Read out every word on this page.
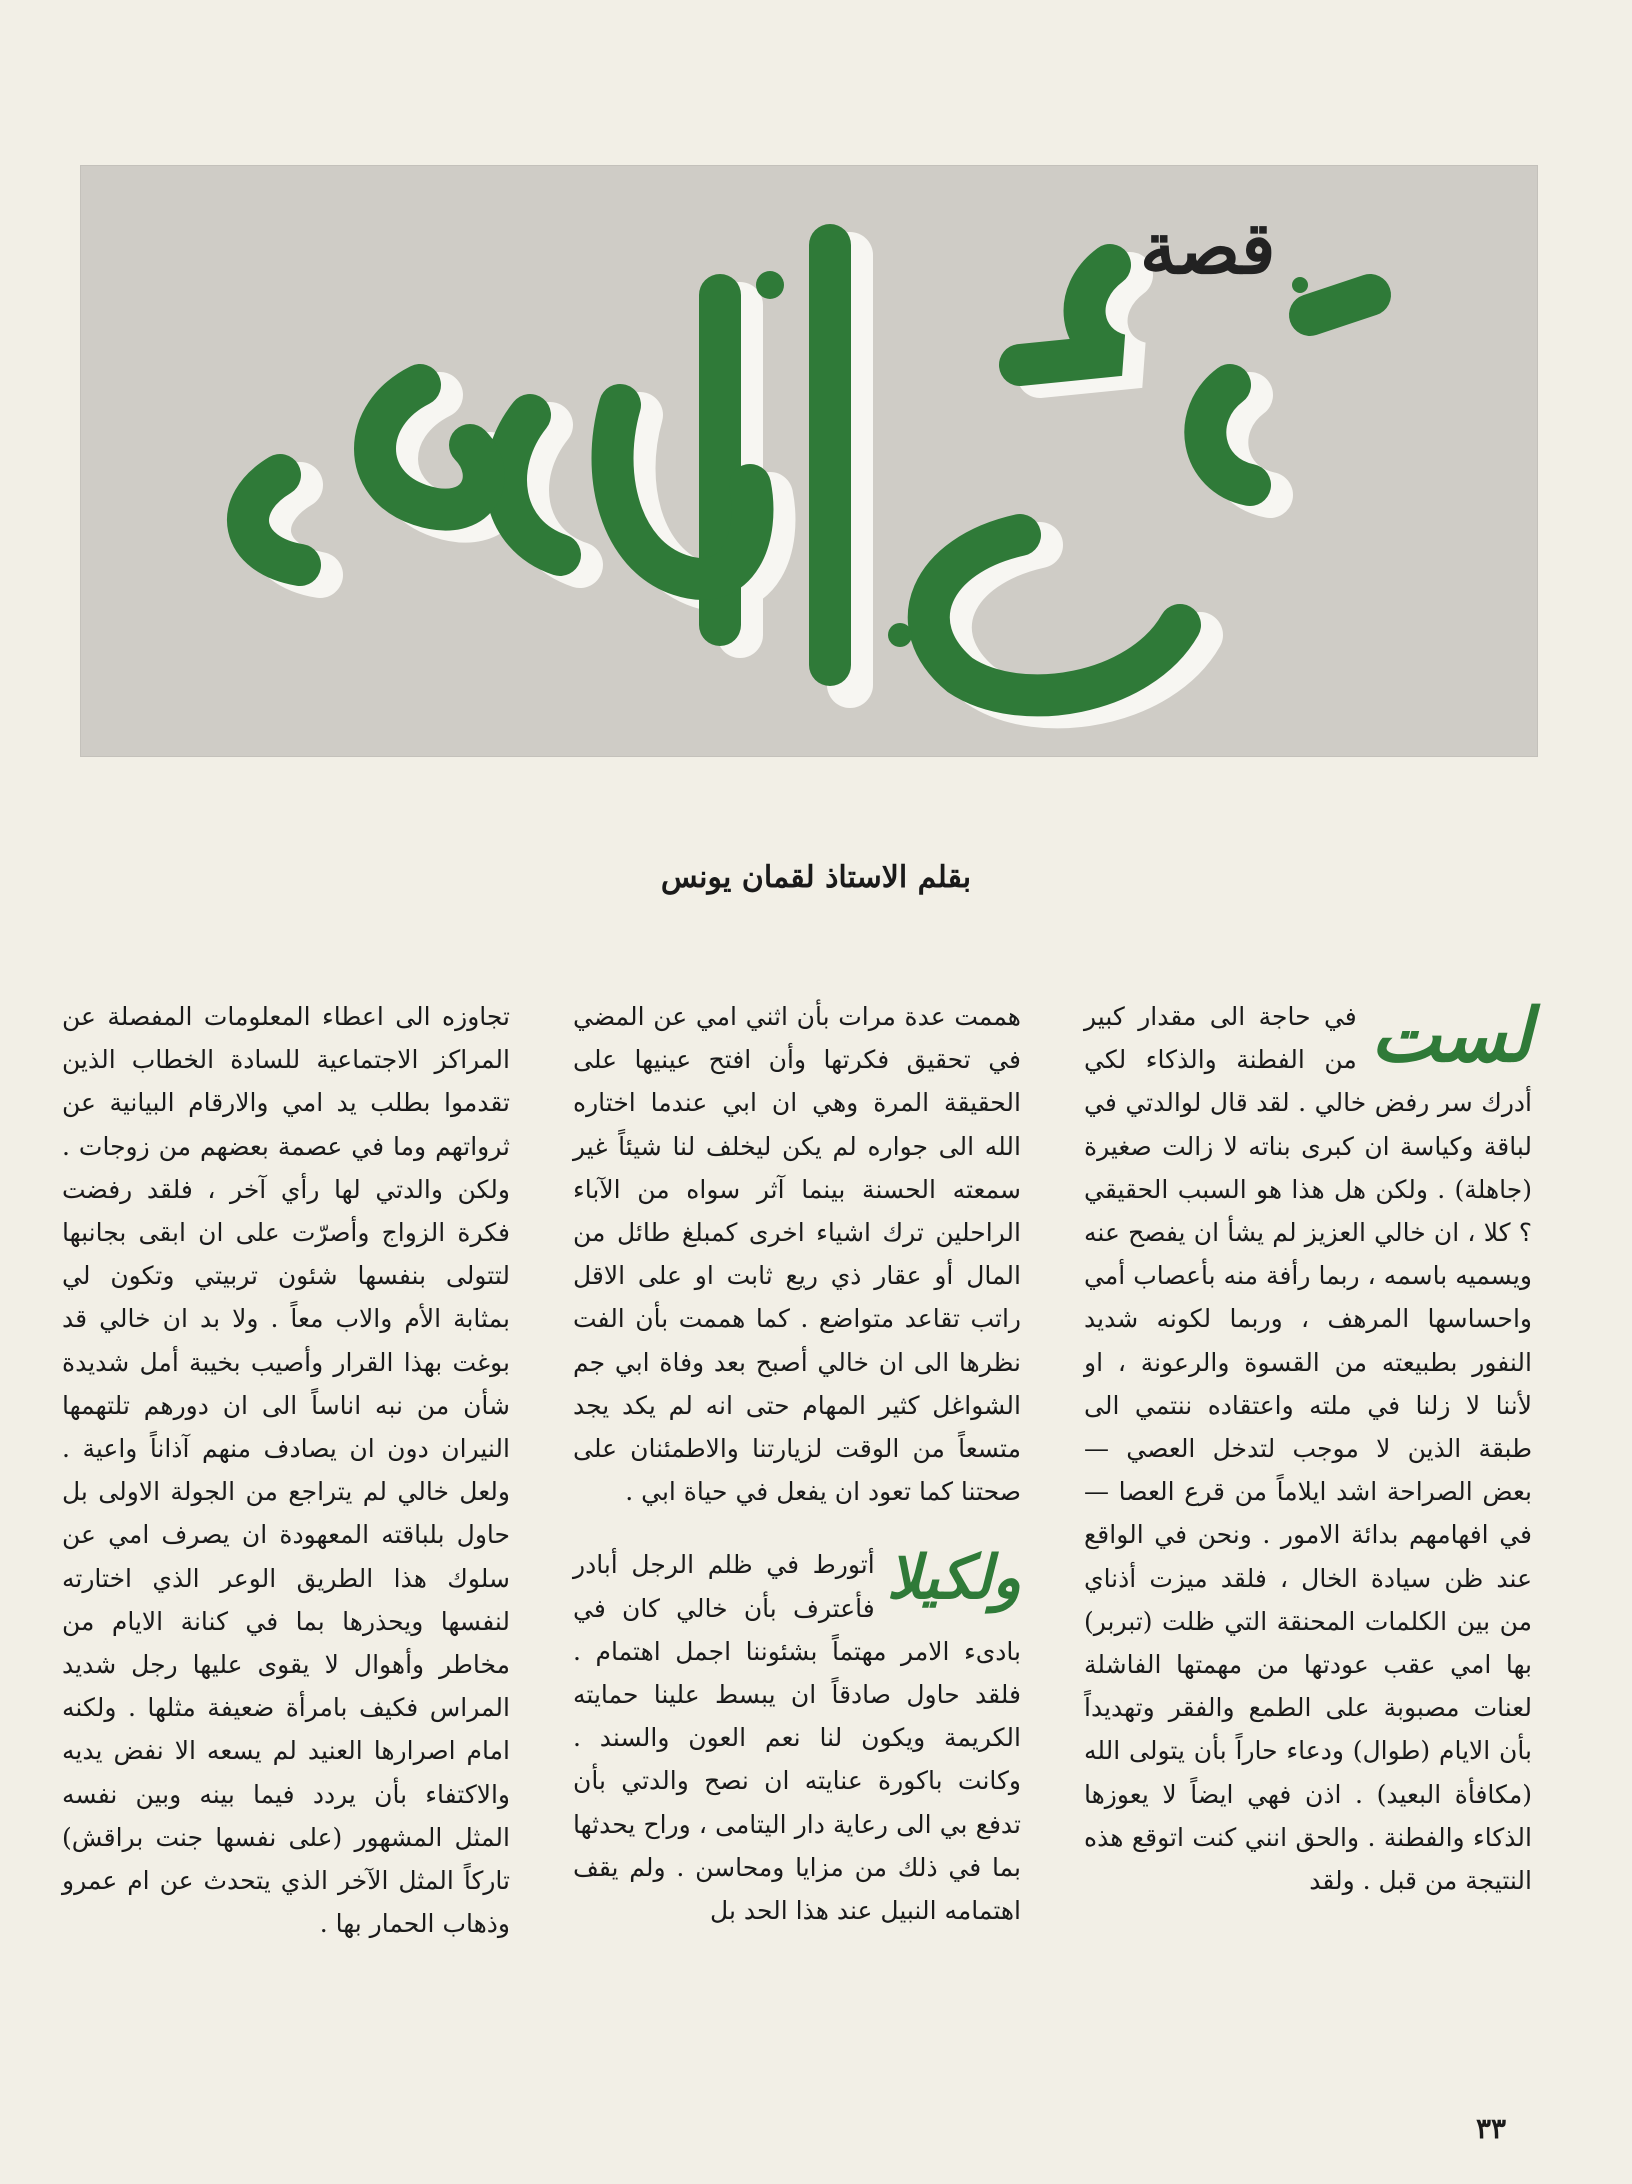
قصة
بقلم الاستاذ لقمان يونس
لست

في حاجة الى مقدار كبير من الفطنة والذكاء لكي أدرك سر رفض خالي . لقد قال لوالدتي في لباقة وكياسة ان كبرى بناته لا زالت صغيرة (جاهلة) . ولكن هل هذا هو السبب الحقيقي ؟ كلا ، ان خالي العزيز لم يشأ ان يفصح عنه ويسميه باسمه ، ربما رأفة منه بأعصاب أمي واحساسها المرهف ، وربما لكونه شديد النفور بطبيعته من القسوة والرعونة ، او لأننا لا زلنا في ملته واعتقاده ننتمي الى طبقة الذين لا موجب لتدخل العصي — بعض الصراحة اشد ايلاماً من قرع العصا — في افهامهم بدائة الامور . ونحن في الواقع عند ظن سيادة الخال ، فلقد ميزت أذناي من بين الكلمات المحنقة التي ظلت (تبربر) بها امي عقب عودتها من مهمتها الفاشلة لعنات مصبوبة على الطمع والفقر وتهديداً بأن الايام (طوال) ودعاء حاراً بأن يتولى الله (مكافأة البعيد) . اذن فهي ايضاً لا يعوزها الذكاء والفطنة . والحق انني كنت اتوقع هذه النتيجة من قبل . ولقد

هممت عدة مرات بأن اثني امي عن المضي في تحقيق فكرتها وأن افتح عينيها على الحقيقة المرة وهي ان ابي عندما اختاره الله الى جواره لم يكن ليخلف لنا شيئاً غير سمعته الحسنة بينما آثر سواه من الآباء الراحلين ترك اشياء اخرى كمبلغ طائل من المال أو عقار ذي ريع ثابت او على الاقل راتب تقاعد متواضع . كما هممت بأن الفت نظرها الى ان خالي أصبح بعد وفاة ابي جم الشواغل كثير المهام حتى انه لم يكد يجد متسعاً من الوقت لزيارتنا والاطمئنان على صحتنا كما تعود ان يفعل في حياة ابي .

ولكيلا

أتورط في ظلم الرجل أبادر فأعترف بأن خالي كان في بادىء الامر مهتماً بشئوننا اجمل اهتمام . فلقد حاول صادقاً ان يبسط علينا حمايته الكريمة ويكون لنا نعم العون والسند . وكانت باكورة عنايته ان نصح والدتي بأن تدفع بي الى رعاية دار اليتامى ، وراح يحدثها بما في ذلك من مزايا ومحاسن . ولم يقف اهتمامه النبيل عند هذا الحد بل

تجاوزه الى اعطاء المعلومات المفصلة عن المراكز الاجتماعية للسادة الخطاب الذين تقدموا بطلب يد امي والارقام البيانية عن ثرواتهم وما في عصمة بعضهم من زوجات . ولكن والدتي لها رأي آخر ، فلقد رفضت فكرة الزواج وأصرّت على ان ابقى بجانبها لتتولى بنفسها شئون تربيتي وتكون لي بمثابة الأم والاب معاً . ولا بد ان خالي قد بوغت بهذا القرار وأصيب بخيبة أمل شديدة شأن من نبه اناساً الى ان دورهم تلتهمها النيران دون ان يصادف منهم آذاناً واعية . ولعل خالي لم يتراجع من الجولة الاولى بل حاول بلباقته المعهودة ان يصرف امي عن سلوك هذا الطريق الوعر الذي اختارته لنفسها ويحذرها بما في كنانة الايام من مخاطر وأهوال لا يقوى عليها رجل شديد المراس فكيف بامرأة ضعيفة مثلها . ولكنه امام اصرارها العنيد لم يسعه الا نفض يديه والاكتفاء بأن يردد فيما بينه وبين نفسه المثل المشهور (على نفسها جنت براقش) تاركاً المثل الآخر الذي يتحدث عن ام عمرو وذهاب الحمار بها .

٣٣
